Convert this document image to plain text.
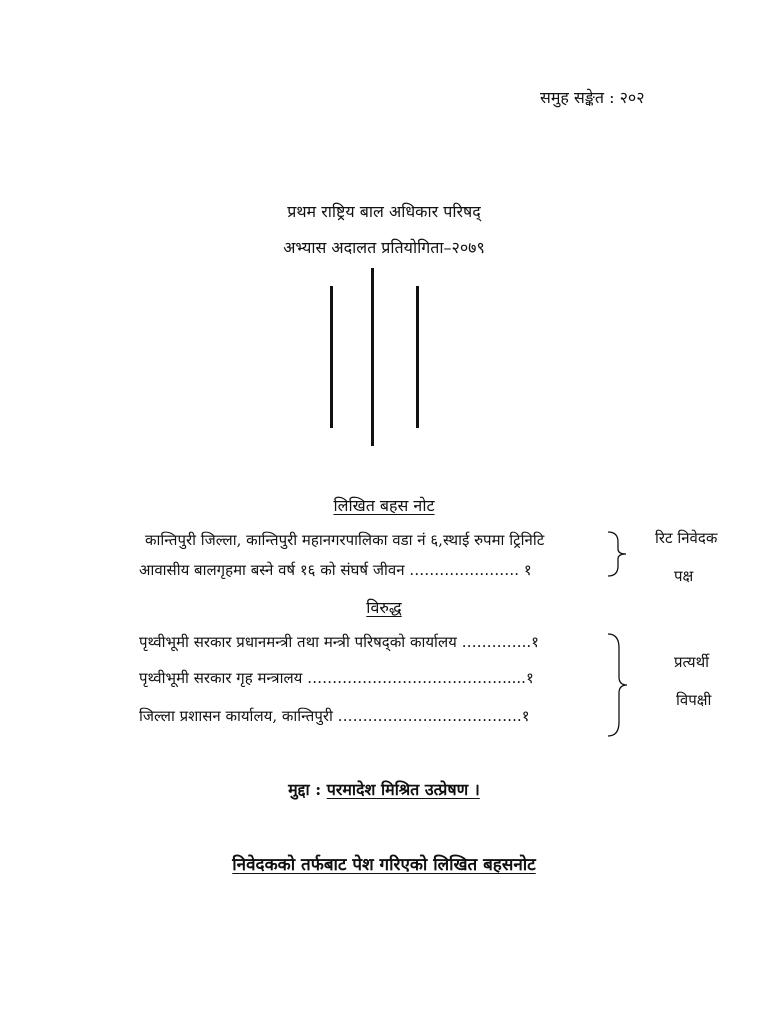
समुह सङ्केत : २०२
प्रथम राष्ट्रिय बाल अधिकार परिषद्
अभ्यास अदालत प्रतियोगिता–२०७९
लिखित बहस नोट
कान्तिपुरी जिल्ला, कान्तिपुरी महानगरपालिका वडा नं ६,स्थाई रुपमा ट्रिनिटि
आवासीय बालगृहमा बस्ने वर्ष १६ को संघर्ष जीवन …………………. १
रिट निवेदक
पक्ष
विरुद्ध
पृथ्वीभूमी सरकार प्रधानमन्त्री तथा मन्त्री परिषद्को कार्यालय …………..१
पृथ्वीभूमी सरकार गृह मन्त्रालय ………………………………….....१
जिल्ला प्रशासन कार्यालय, कान्तिपुरी ………………..……………..१
प्रत्यर्थी
विपक्षी
मुद्दा : परमादेश मिश्रित उत्प्रेषण ।
निवेदकको तर्फबाट पेश गरिएको लिखित बहसनोट
